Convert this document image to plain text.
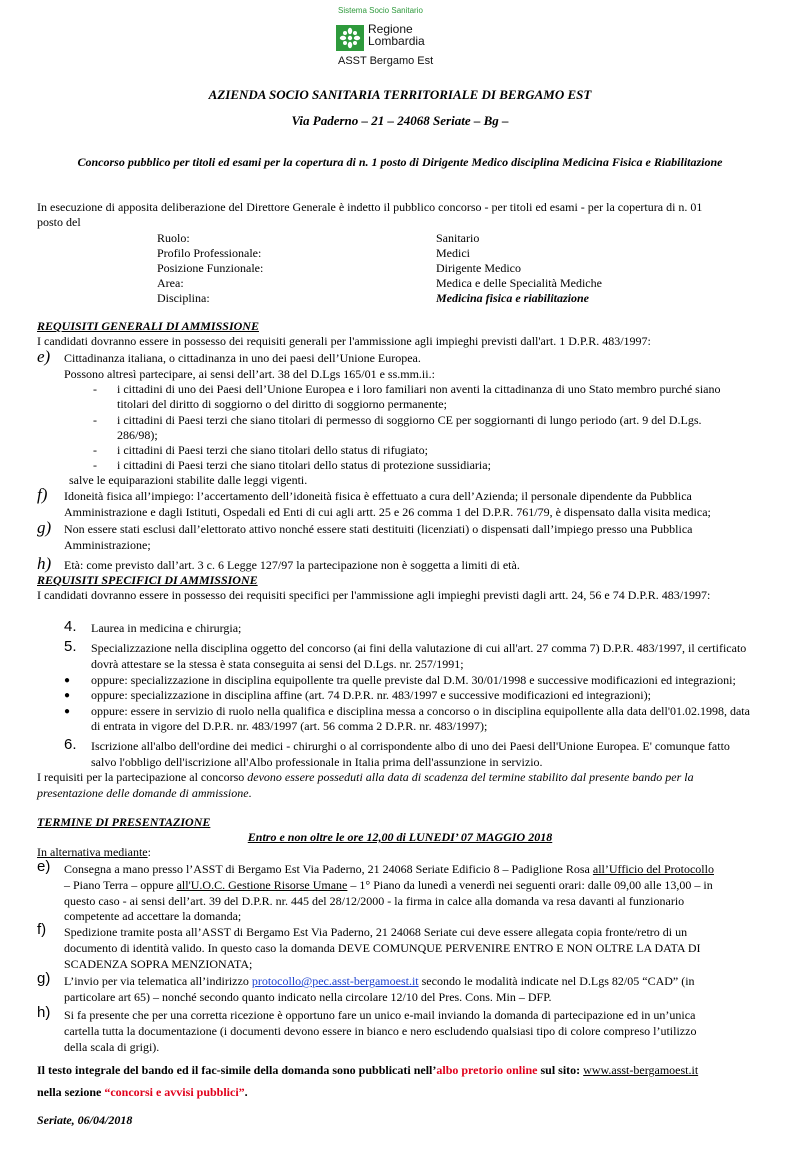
Sistema Socio Sanitario
Regione
Lombardia
ASST Bergamo Est
AZIENDA SOCIO SANITARIA TERRITORIALE DI BERGAMO EST
Via Paderno – 21 – 24068 Seriate – Bg –
Concorso pubblico per titoli ed esami per la copertura di n. 1 posto di Dirigente Medico disciplina Medicina Fisica e Riabilitazione
In esecuzione di apposita deliberazione del Direttore Generale è indetto il pubblico concorso - per titoli ed esami - per la copertura di n. 01
posto del
Ruolo:	Sanitario
Profilo Professionale:	Medici
Posizione Funzionale:	Dirigente Medico
Area:	Medica e delle Specialità Mediche
Disciplina:	Medicina fisica e riabilitazione
REQUISITI GENERALI DI AMMISSIONE
I candidati dovranno essere in possesso dei requisiti generali per l'ammissione agli impieghi previsti dall'art. 1 D.P.R. 483/1997:
e) Cittadinanza italiana, o cittadinanza in uno dei paesi dell’Unione Europea.
Possono altresì partecipare, ai sensi dell’art. 38 del D.Lgs 165/01 e ss.mm.ii.:
- i cittadini di uno dei Paesi dell’Unione Europea e i loro familiari non aventi la cittadinanza di uno Stato membro purché siano
titolari del diritto di soggiorno o del diritto di soggiorno permanente;
- i cittadini di Paesi terzi che siano titolari di permesso di soggiorno CE per soggiornanti di lungo periodo (art. 9 del D.Lgs.
286/98);
- i cittadini di Paesi terzi che siano titolari dello status di rifugiato;
- i cittadini di Paesi terzi che siano titolari dello status di protezione sussidiaria;
salve le equiparazioni stabilite dalle leggi vigenti.
f) Idoneità fisica all’impiego: l’accertamento dell’idoneità fisica è effettuato a cura dell’Azienda; il personale dipendente da Pubblica
Amministrazione e dagli Istituti, Ospedali ed Enti di cui agli artt. 25 e 26 comma 1 del D.P.R. 761/79, è dispensato dalla visita medica;
g) Non essere stati esclusi dall’elettorato attivo nonché essere stati destituiti (licenziati) o dispensati dall’impiego presso una Pubblica
Amministrazione;
h) Età: come previsto dall’art. 3 c. 6 Legge 127/97 la partecipazione non è soggetta a limiti di età.
REQUISITI SPECIFICI DI AMMISSIONE
I candidati dovranno essere in possesso dei requisiti specifici per l'ammissione agli impieghi previsti dagli artt. 24, 56 e 74 D.P.R. 483/1997:
4. Laurea in medicina e chirurgia;
5. Specializzazione nella disciplina oggetto del concorso (ai fini della valutazione di cui all'art. 27 comma 7) D.P.R. 483/1997, il certificato
dovrà attestare se la stessa è stata conseguita ai sensi del D.Lgs. nr. 257/1991;
● oppure: specializzazione in disciplina equipollente tra quelle previste dal D.M. 30/01/1998 e successive modificazioni ed integrazioni;
● oppure: specializzazione in disciplina affine (art. 74 D.P.R. nr. 483/1997 e successive modificazioni ed integrazioni);
● oppure: essere in servizio di ruolo nella qualifica e disciplina messa a concorso o in disciplina equipollente alla data dell'01.02.1998, data
di entrata in vigore del D.P.R. nr. 483/1997 (art. 56 comma 2 D.P.R. nr. 483/1997);
6. Iscrizione all'albo dell'ordine dei medici - chirurghi o al corrispondente albo di uno dei Paesi dell'Unione Europea. E' comunque fatto
salvo l'obbligo dell'iscrizione all'Albo professionale in Italia prima dell'assunzione in servizio.
I requisiti per la partecipazione al concorso devono essere posseduti alla data di scadenza del termine stabilito dal presente bando per la
presentazione delle domande di ammissione.
TERMINE DI PRESENTAZIONE
Entro e non oltre le ore 12,00 di LUNEDI’ 07 MAGGIO 2018
In alternativa mediante:
e) Consegna a mano presso l’ASST di Bergamo Est Via Paderno, 21 24068 Seriate Edificio 8 – Padiglione Rosa all’Ufficio del Protocollo
– Piano Terra – oppure all'U.O.C. Gestione Risorse Umane – 1° Piano da lunedì a venerdì nei seguenti orari: dalle 09,00 alle 13,00 – in
questo caso - ai sensi dell’art. 39 del D.P.R. nr. 445 del 28/12/2000 - la firma in calce alla domanda va resa davanti al funzionario
competente ad accettare la domanda;
f) Spedizione tramite posta all’ASST di Bergamo Est Via Paderno, 21 24068 Seriate cui deve essere allegata copia fronte/retro di un
documento di identità valido. In questo caso la domanda DEVE COMUNQUE PERVENIRE ENTRO E NON OLTRE LA DATA DI
SCADENZA SOPRA MENZIONATA;
g) L’invio per via telematica all’indirizzo protocollo@pec.asst-bergamoest.it secondo le modalità indicate nel D.Lgs 82/05 “CAD” (in
particolare art 65) – nonché secondo quanto indicato nella circolare 12/10 del Pres. Cons. Min – DFP.
h) Si fa presente che per una corretta ricezione è opportuno fare un unico e-mail inviando la domanda di partecipazione ed in un’unica
cartella tutta la documentazione (i documenti devono essere in bianco e nero escludendo qualsiasi tipo di colore compreso l’utilizzo
della scala di grigi).
Il testo integrale del bando ed il fac-simile della domanda sono pubblicati nell’albo pretorio online sul sito: www.asst-bergamoest.it
nella sezione “concorsi e avvisi pubblici”.
Seriate, 06/04/2018
